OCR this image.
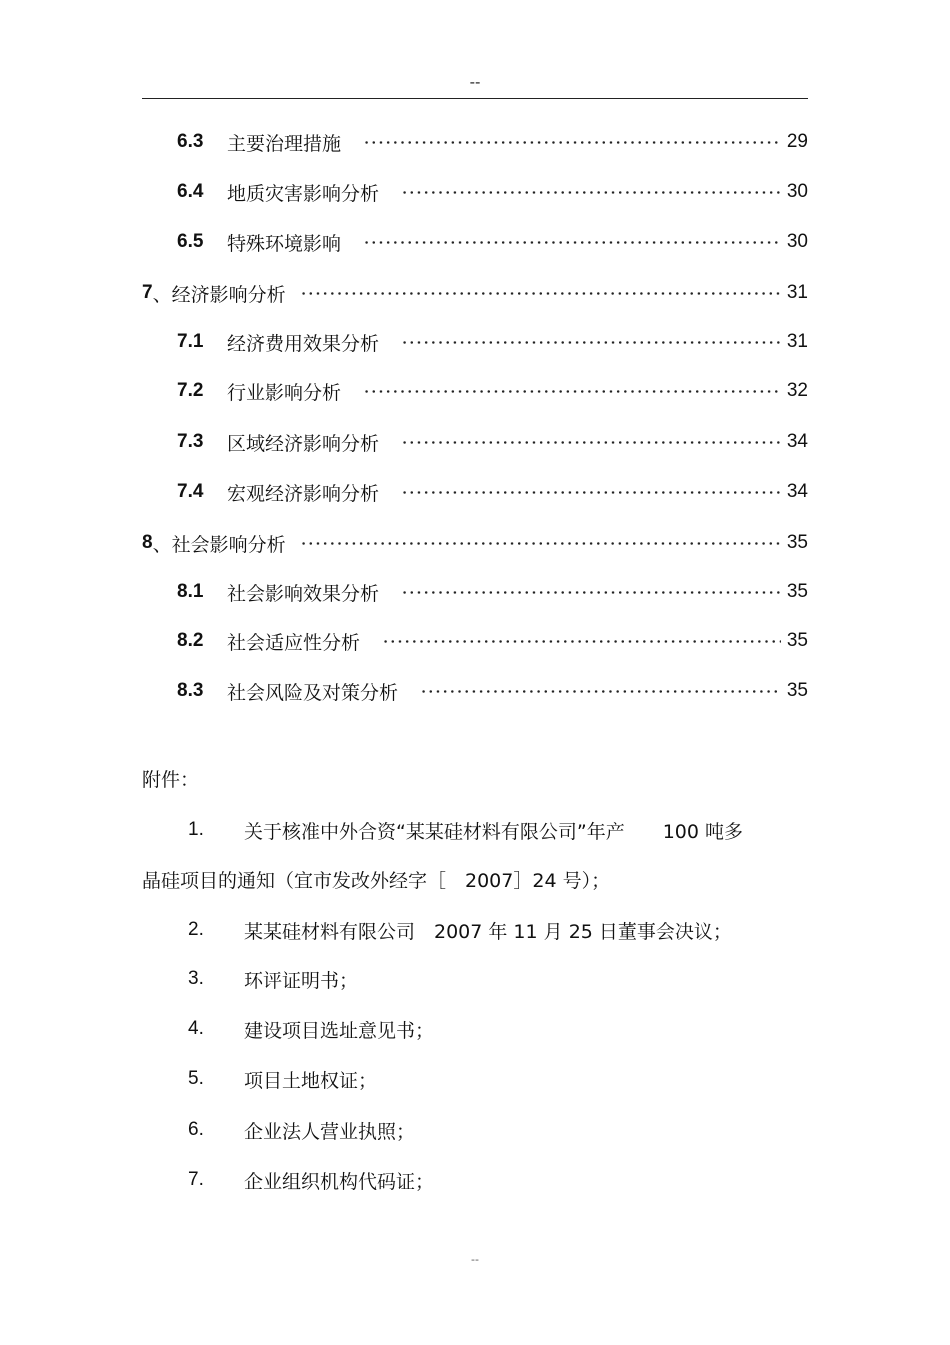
--
6.3	主要治理措施	29
6.4	地质灾害影响分析	30
6.5	特殊环境影响	30
7 、经济影响分析	31
7.1	经济费用效果分析	31
7.2	行业影响分析	32
7.3	区域经济影响分析	34
7.4	宏观经济影响分析	34
8 、社会影响分析	35
8.1	社会影响效果分析	35
8.2	社会适应性分析	35
8.3	社会风险及对策分析	35
附件：
1.	关于核准中外合资“某某硅材料有限公司”年产　　100 吨多
晶硅项目的通知（宜市发改外经字［　2007］24 号）；
2.	某某硅材料有限公司　2007 年 11 月 25 日董事会决议；
3.	环评证明书；
4.	建设项目选址意见书；
5.	项目土地权证；
6.	企业法人营业执照；
7.	企业组织机构代码证；
--
